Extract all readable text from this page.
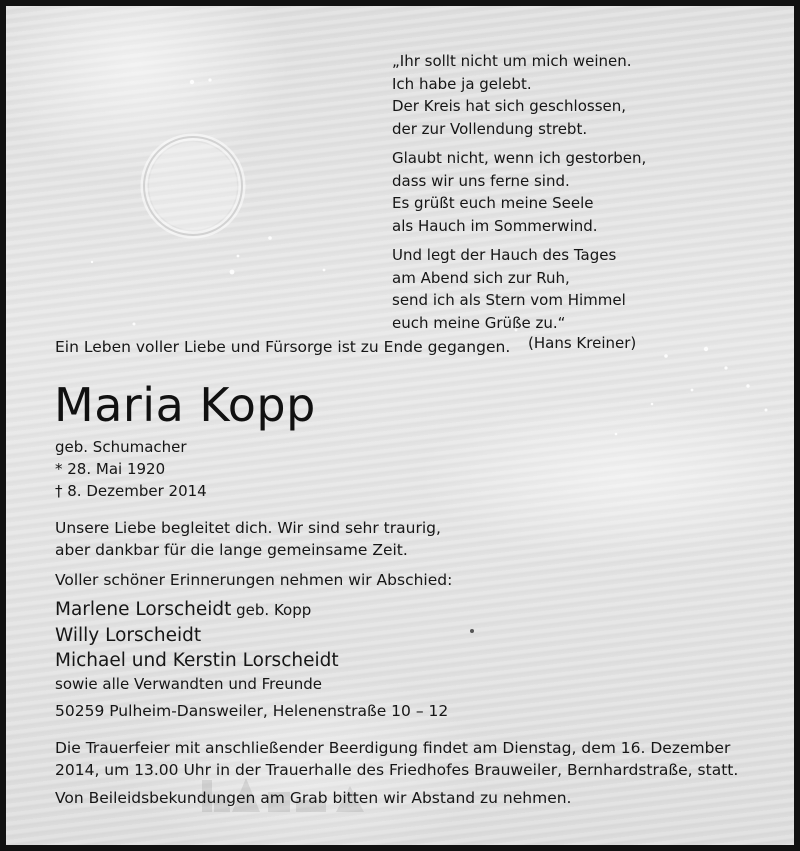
„Ihr sollt nicht um mich weinen.
Ich habe ja gelebt.
Der Kreis hat sich geschlossen,
der zur Vollendung strebt.
Glaubt nicht, wenn ich gestorben,
dass wir uns ferne sind.
Es grüßt euch meine Seele
als Hauch im Sommerwind.
Und legt der Hauch des Tages
am Abend sich zur Ruh,
send ich als Stern vom Himmel
euch meine Grüße zu.“
(Hans Kreiner)
Ein Leben voller Liebe und Fürsorge ist zu Ende gegangen.
Maria Kopp
geb. Schumacher
* 28. Mai 1920
† 8. Dezember 2014
Unsere Liebe begleitet dich. Wir sind sehr traurig,
aber dankbar für die lange gemeinsame Zeit.
Voller schöner Erinnerungen nehmen wir Abschied:
Marlene Lorscheidt geb. Kopp
Willy Lorscheidt
Michael und Kerstin Lorscheidt
sowie alle Verwandten und Freunde
50259 Pulheim-Dansweiler, Helenenstraße 10 – 12
Die Trauerfeier mit anschließender Beerdigung findet am Dienstag, dem 16. Dezember
2014, um 13.00 Uhr in der Trauerhalle des Friedhofes Brauweiler, Bernhardstraße, statt.
Von Beileidsbekundungen am Grab bitten wir Abstand zu nehmen.
